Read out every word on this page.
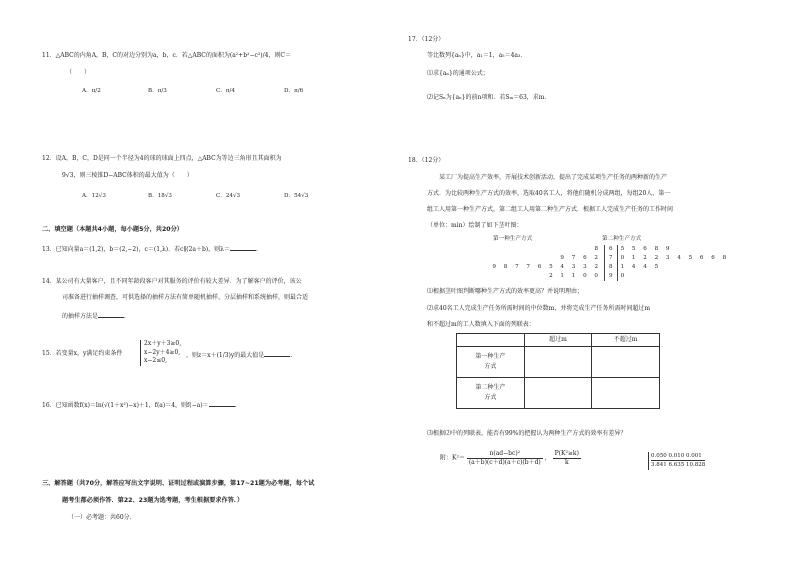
11．△ABC的内角A，B，C的对边分别为a，b，c．若△ABC的面积为(a²+b²−c²)/4，则C＝
（　　）
A．π/2	B．π/3	C．π/4	D．π/6
12．设A，B，C，D是同一个半径为4的球的球面上四点，△ABC为等边三角形且其面积为
9√3，则三棱锥D−ABC体积的最大值为（　　）
A．12√3	B．18√3	C．24√3	D．54√3
二、填空题（本题共4小题，每小题5分，共20分）
13．已知向量a＝(1,2)，b＝(2,−2)，c＝(1,λ)．若c∥(2a＋b)，则λ＝	.
14．某公司有大量客户，且不同年龄段客户对其服务的评价有较大差异．为了解客户的评价，该公
司准备进行抽样调查，可供选择的抽样方法有简单随机抽样、分层抽样和系统抽样，则最合适
的抽样方法是	.
15．若变量x，y满足约束条件
2x＋y＋3≥0,
x−2y＋4≥0,
x−2≤0,
，则z＝x＋(1/3)y的最大值是	.
16．已知函数f(x)＝ln(√(1＋x²)−x)＋1，f(a)＝4，则f(−a)＝	.
三、解答题（共70分，解答应写出文字说明、证明过程或演算步骤，第17~21题为必考题，每个试
题考生都必须作答．第22、23题为选考题，考生根据要求作答．）
（一）必考题：共60分．
17．（12分）
等比数列{aₙ}中，a₁＝1，a₅＝4a₃．
⑴求{aₙ}的通项公式；
⑵记Sₙ为{aₙ}的前n项和．若Sₘ＝63，求m．
18．（12分）
某工厂为提高生产效率，开展技术创新活动，提出了完成某项生产任务的两种新的生产
方式．为比较两种生产方式的效率，选取40名工人，将他们随机分成两组，每组20人，第一
组工人用第一种生产方式，第二组工人用第二种生产方式．根据工人完成生产任务的工作时间
（单位：min）绘制了如下茎叶图：
第一种生产方式	第二种生产方式
8	6	5 5 6 8 9
9 7 6 2	7	0 1 2 2 3 4 5 6 6 8
9 8 7 7 6 5 4 3 3 2	8	1 4 4 5
2 1 1 0 0	9	0
⑴根据茎叶图判断哪种生产方式的效率更高？并说明理由；
⑵求40名工人完成生产任务所需时间的中位数m，并将完成生产任务所需时间超过m
和不超过m的工人数填入下面的列联表：
	超过m	不超过m

第一种生产
方式		

第二种生产
方式		

⑶根据⑵中的列联表，能否有99%的把握认为两种生产方式的效率有差异？
附：$K^2= \frac{\text{n(ad−bc)²}}{(a+b)(c+d)(a+c)(b+d)}$ ， $\frac{\text{P(K²≥k)}}{k}$	0.050 0.010 0.001
3.841 6.635 10.828
